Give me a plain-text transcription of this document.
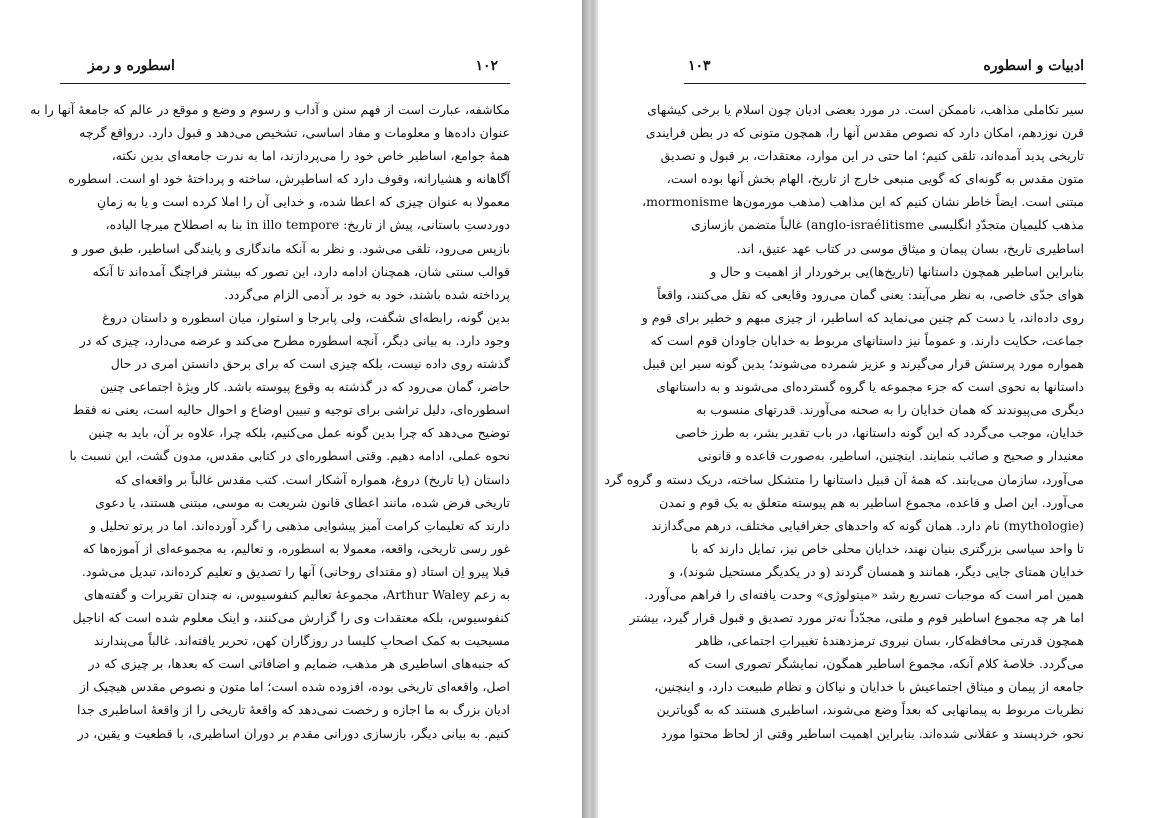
۱۰۲
اسطوره و رمز
مکاشفه، عبارت است از فهم سنن و آداب و رسوم و وضع و موقع در عالم که جامعهٔ آنها را به
عنوان داده‌ها و معلومات و مفاد اساسی، تشخیص می‌دهد و قبول دارد. درواقع گرچه
همهٔ جوامع، اساطیر خاص خود را می‌پردازند، اما به ندرت جامعه‌ای بدین نکته،
آگاهانه و هشیارانه، وقوف دارد که اساطیرش، ساخته و پرداختهٔ خود او است. اسطوره
معمولا به عنوان چیزی که اعطا شده، و خدایی آن را املا کرده است و یا به زمانِ
دوردستِ باستانی، پیش از تاریخ: in illo tempore بنا به اصطلاح میرچا الیاده،
بازپس می‌رود، تلقی می‌شود. و نظر به آنکه ماندگاری و پایندگی اساطیر، طبق صور و
قوالب سنتی شان، همچنان ادامه دارد، این تصور که بیشتر فراچنگ آمده‌اند تا آنکه
پرداخته شده باشند، خود به خود بر آدمی الزام می‌گردد.
بدین گونه، رابطه‌ای شگفت، ولی پابرجا و استوار، میان اسطوره و داستان دروغ
وجود دارد. به بیانی دیگر، آنچه اسطوره مطرح می‌کند و عرضه می‌دارد، چیزی که در
گذشته روی داده نیست، بلکه چیزی است که برای برحق دانستن امری در حال
حاضر، گمان می‌رود که در گذشته به وقوع پیوسته باشد. کار ویژهٔ اجتماعی چنین
اسطوره‌ای، دلیل تراشی برای توجیه و تبیین اوضاع و احوال حالیه است، یعنی نه فقط
توضیح می‌دهد که چرا بدین گونه عمل می‌کنیم، بلکه چرا، علاوه بر آن، باید به چنین
نحوه عملی، ادامه دهیم. وقتی اسطوره‌ای در کتابی مقدس، مدون گشت، این نسبت با
داستان (یا تاریخ) دروغ، همواره آشکار است. کتب مقدس غالباً بر واقعه‌ای که
تاریخی فرض شده، مانند اعطای قانون شریعت به موسی، مبتنی هستند، یا دعوی
دارند که تعلیماتِ کرامت آمیز پیشوایی مذهبی را گرد آورده‌اند. اما در پرتو تحلیل و
غور رسی تاریخی، واقعه، معمولا به اسطوره، و تعالیم، به مجموعه‌ای از آموزه‌ها که
قبلا پیرو اِن استاد (و مقتدای روحانی) آنها را تصدیق و تعلیم کرده‌اند، تبدیل می‌شود.
به زعم Arthur Waley، مجموعهٔ تعالیم کنفوسیوس، نه چندان تقریرات و گفته‌های
کنفوسیوس، بلکه معتقدات وی را گزارش می‌کنند، و اینک معلوم شده است که اناجیل
مسیحیت به کمک اصحابِ کلیسا در روزگاران کهن، تحریر یافته‌اند. غالباً می‌پندارند
که جنبه‌های اساطیری هر مذهب، ضمایم و اضافاتی است که بعدها، بر چیزی که در
اصل، واقعه‌ای تاریخی بوده، افزوده شده است؛ اما متون و نصوص مقدس هیچیک از
ادیان بزرگ به ما اجازه و رخصت نمی‌دهد که واقعهٔ تاریخی را از واقعهٔ اساطیری جدا
کنیم. به بیانی دیگر، بازسازی دورانی مقدم بر دوران اساطیری، با قطعیت و یقین، در
ادبیات و اسطوره
۱۰۳
سیر تکاملی مذاهب، ناممکن است. در مورد بعضی ادیان چون اسلام یا برخی کیشهای
قرن نوزدهم، امکان دارد که نصوص مقدس آنها را، همچون متونی که در بطن فرایندی
تاریخی پدید آمده‌اند، تلقی کنیم؛ اما حتی در این موارد، معتقدات، بر قبول و تصدیق
متون مقدس به گونه‌ای که گویی منبعی خارج از تاریخ، الهام بخش آنها بوده است،
مبتنی است. ایضاً خاطر نشان کنیم که این مذاهب (مذهب مورمون‌ها mormonisme،
مذهب کلیمیان متجدّدِ انگلیسی anglo-israélitisme) غالباً متضمن بازسازی
اساطیری تاریخ، بسان پیمان و میثاق موسی در کتاب عهد عتیق، اند.
بنابراین اساطیر همچون داستانها (تاریخ‌ها)یی برخوردار از اهمیت و حال و
هوای جدّی خاصی، به نظر می‌آیند: یعنی گمان می‌رود وقایعی که نقل می‌کنند، واقعاً
روی داده‌اند، یا دست کم چنین می‌نماید که اساطیر، از چیزی مبهم و خطیر برای قوم و
جماعت، حکایت دارند. و عموماً نیز داستانهای مربوط به خدایان جاودان قوم است که
همواره مورد پرستش قرار می‌گیرند و عزیز شمرده می‌شوند؛ بدین گونه سیر این قبیل
داستانها به نحوی است که جزء مجموعه یا گروه گسترده‌ای می‌شوند و به داستانهای
دیگری می‌پیوندند که همان خدایان را به صحنه می‌آورند. قدرتهای منسوب به
خدایان، موجب می‌گردد که این گونه داستانها، در باب تقدیر بشر، به طرز خاصی
معنیدار و صحیح و صائب بنمایند. اینچنین، اساطیر، به‌صورت قاعده و قانونی
می‌آورد، سازمان می‌یابند. که همهٔ آن قبیل داستانها را متشکل ساخته، دریک دسته و گروه گرد
می‌آورد. این اصل و قاعده، مجموع اساطیر به هم پیوسته متعلق به یک قوم و تمدن
(mythologie) نام دارد. همان گونه که واحدهای جغرافیایی مختلف، درهم می‌گدازند
تا واحد سیاسی بزرگتری بنیان نهند، خدایان محلی خاص نیز، تمایل دارند که با
خدایان همتای جایی دیگر، همانند و همسان گردند (و در یکدیگر مستحیل شوند)، و
همین امر است که موجبات تسریع رشد «میتولوژی» وحدت یافته‌ای را فراهم می‌آورد.
اما هر چه مجموع اساطیر قوم و ملتی، مجدّداً نه‌تر مورد تصدیق و قبول قرار گیرد، بیشتر
همچون قدرتی محافظه‌کار، بسان نیروی ترمزدهندهٔ تغییراتِ اجتماعی، ظاهر
می‌گردد. خلاصهٔ کلام آنکه، مجموع اساطیر همگون، نمایشگر تصوری است که
جامعه از پیمان و میثاق اجتماعیش با خدایان و نیاکان و نظام طبیعت دارد، و اینچنین،
نظریات مربوط به پیمانهایی که بعداً وضع می‌شوند، اساطیری هستند که به گویاترین
نحو، خردپسند و عقلانی شده‌اند. بنابراین اهمیت اساطیر وقتی از لحاظ محتوا مورد
